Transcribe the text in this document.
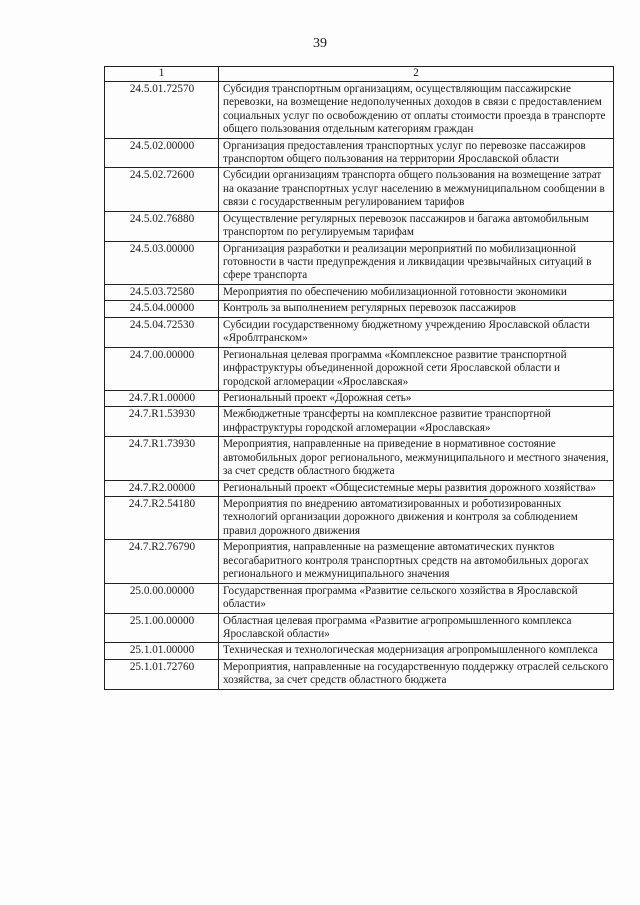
39
1	2
24.5.01.72570	Субсидия транспортным организациям, осуществляющим пассажирские перевозки, на возмещение недополученных доходов в связи с предоставлением социальных услуг по освобождению от оплаты стоимости проезда в транспорте общего пользования отдельным категориям граждан
24.5.02.00000	Организация предоставления транспортных услуг по перевозке пассажиров транспортом общего пользования на территории Ярославской области
24.5.02.72600	Субсидии организациям транспорта общего пользования на возмещение затрат на оказание транспортных услуг населению в межмуниципальном сообщении в связи с государственным регулированием тарифов
24.5.02.76880	Осуществление регулярных перевозок пассажиров и багажа автомобильным транспортом по регулируемым тарифам
24.5.03.00000	Организация разработки и реализации мероприятий по мобилизационной готовности в части предупреждения и ликвидации чрезвычайных ситуаций в сфере транспорта
24.5.03.72580	Мероприятия по обеспечению мобилизационной готовности экономики
24.5.04.00000	Контроль за выполнением регулярных перевозок пассажиров
24.5.04.72530	Субсидии государственному бюджетному учреждению Ярославской области «Яроблтранском»
24.7.00.00000	Региональная целевая программа «Комплексное развитие транспортной инфраструктуры объединенной дорожной сети Ярославской области и городской агломерации «Ярославская»
24.7.R1.00000	Региональный проект «Дорожная сеть»
24.7.R1.53930	Межбюджетные трансферты на комплексное развитие транспортной инфраструктуры городской агломерации «Ярославская»
24.7.R1.73930	Мероприятия, направленные на приведение в нормативное состояние автомобильных дорог регионального, межмуниципального и местного значения, за счет средств областного бюджета
24.7.R2.00000	Региональный проект «Общесистемные меры развития дорожного хозяйства»
24.7.R2.54180	Мероприятия по внедрению автоматизированных и роботизированных технологий организации дорожного движения и контроля за соблюдением правил дорожного движения
24.7.R2.76790	Мероприятия, направленные на размещение автоматических пунктов весогабаритного контроля транспортных средств на автомобильных дорогах регионального и межмуниципального значения
25.0.00.00000	Государственная программа «Развитие сельского хозяйства в Ярославской области»
25.1.00.00000	Областная целевая программа «Развитие агропромышленного комплекса Ярославской области»
25.1.01.00000	Техническая и технологическая модернизация агропромышленного комплекса
25.1.01.72760	Мероприятия, направленные на государственную поддержку отраслей сельского хозяйства, за счет средств областного бюджета
